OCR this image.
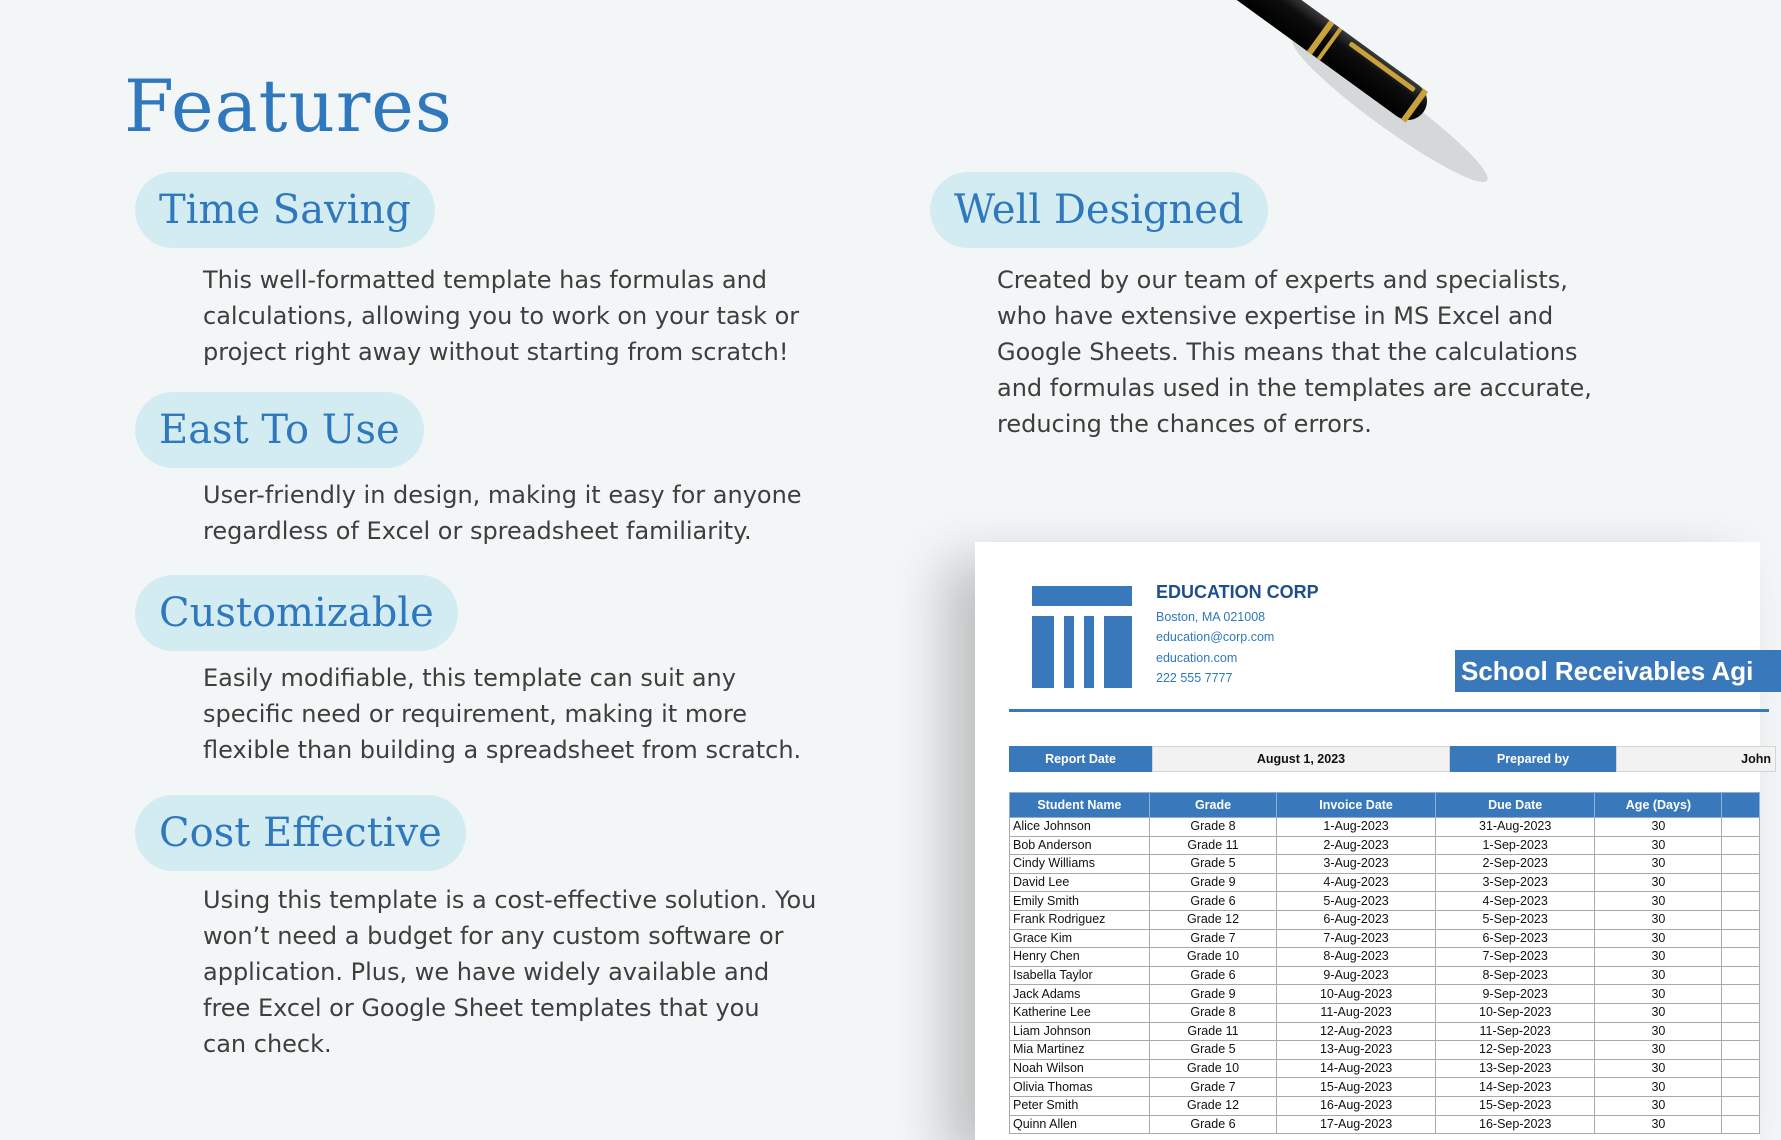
Features
Time Saving
This well-formatted template has formulas and
calculations, allowing you to work on your task or
project right away without starting from scratch!
Well Designed
Created by our team of experts and specialists,
who have extensive expertise in MS Excel and
Google Sheets. This means that the calculations
and formulas used in the templates are accurate,
reducing the chances of errors.
East To Use
User-friendly in design, making it easy for anyone
regardless of Excel or spreadsheet familiarity.
Customizable
Easily modifiable, this template can suit any
specific need or requirement, making it more
flexible than building a spreadsheet from scratch.
Cost Effective
Using this template is a cost-effective solution. You
won’t need a budget for any custom software or
application. Plus, we have widely available and
free Excel or Google Sheet templates that you
can check.
EDUCATION CORP
Boston, MA 021008
education@corp.com
education.com
222 555 7777	School Receivables Agi
Report Date	August 1, 2023	Prepared by	John
Student Name	Grade	Invoice Date	Due Date	Age (Days)	
Alice Johnson	Grade 8	1-Aug-2023	31-Aug-2023	30	
Bob Anderson	Grade 11	2-Aug-2023	1-Sep-2023	30	
Cindy Williams	Grade 5	3-Aug-2023	2-Sep-2023	30	
David Lee	Grade 9	4-Aug-2023	3-Sep-2023	30	
Emily Smith	Grade 6	5-Aug-2023	4-Sep-2023	30	
Frank Rodriguez	Grade 12	6-Aug-2023	5-Sep-2023	30	
Grace Kim	Grade 7	7-Aug-2023	6-Sep-2023	30	
Henry Chen	Grade 10	8-Aug-2023	7-Sep-2023	30	
Isabella Taylor	Grade 6	9-Aug-2023	8-Sep-2023	30	
Jack Adams	Grade 9	10-Aug-2023	9-Sep-2023	30	
Katherine Lee	Grade 8	11-Aug-2023	10-Sep-2023	30	
Liam Johnson	Grade 11	12-Aug-2023	11-Sep-2023	30	
Mia Martinez	Grade 5	13-Aug-2023	12-Sep-2023	30	
Noah Wilson	Grade 10	14-Aug-2023	13-Sep-2023	30	
Olivia Thomas	Grade 7	15-Aug-2023	14-Sep-2023	30	
Peter Smith	Grade 12	16-Aug-2023	15-Sep-2023	30	
Quinn Allen	Grade 6	17-Aug-2023	16-Sep-2023	30	
